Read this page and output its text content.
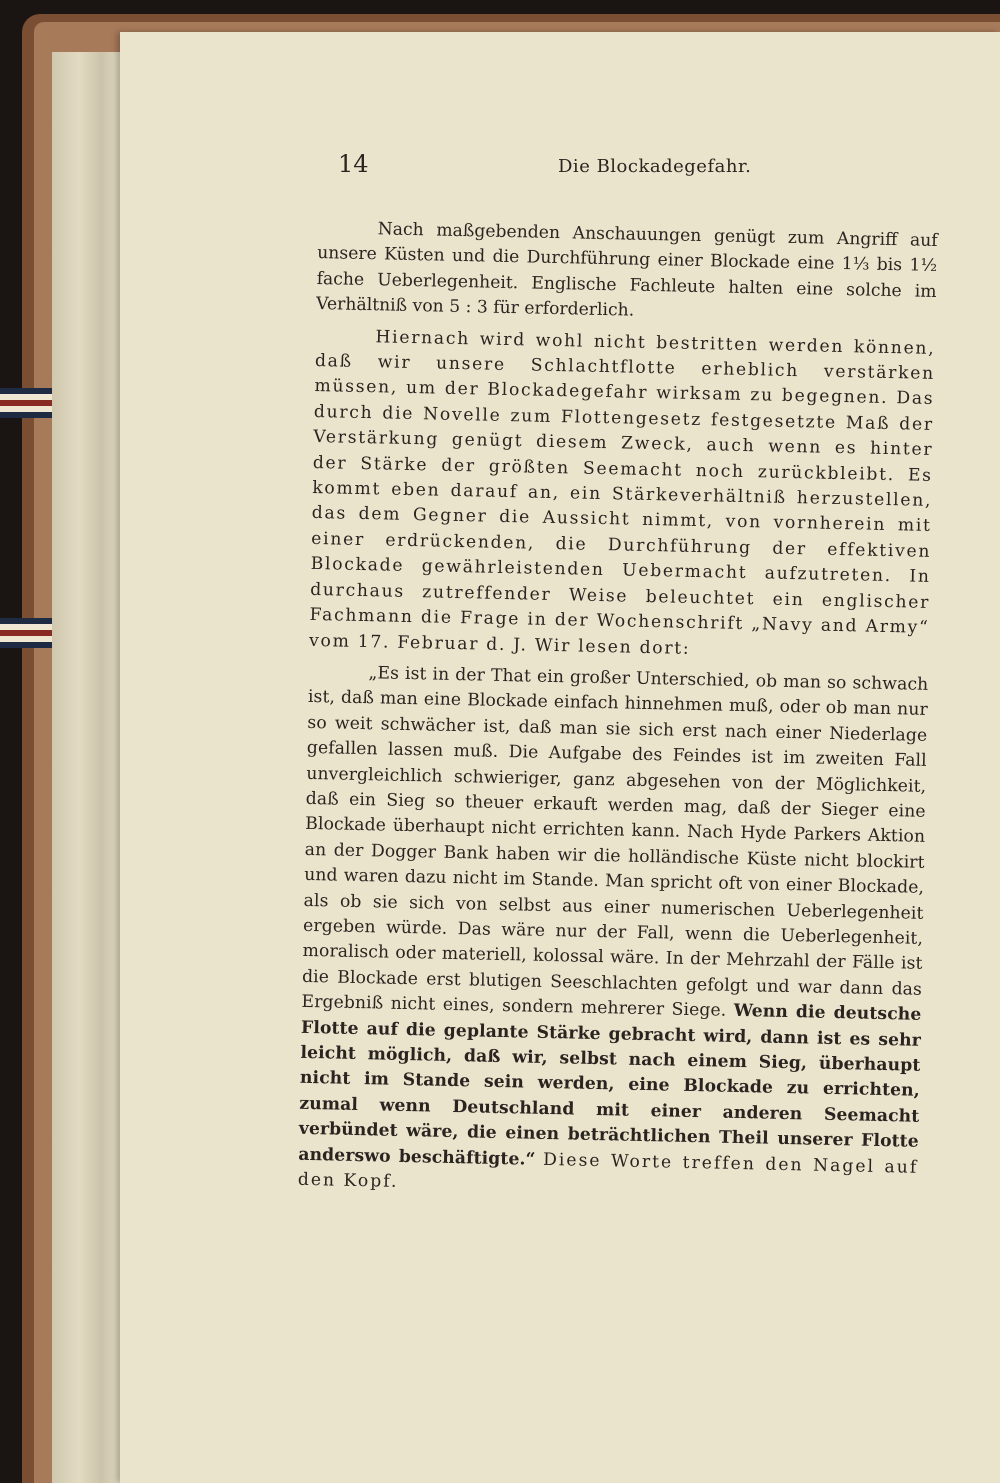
14	Die Blockadegefahr.

Nach maßgebenden Anschauungen genügt zum Angriff auf unsere Küsten und die Durchführung einer Blockade eine 1⅓ bis 1½ fache Ueberlegenheit. Englische Fachleute halten eine solche im Verhältniß von 5 : 3 für erforderlich.

Hiernach wird wohl nicht bestritten werden können, daß wir unsere Schlachtflotte erheblich verstärken müssen, um der Blockadegefahr wirksam zu begegnen. Das durch die Novelle zum Flottengesetz festgesetzte Maß der Verstärkung genügt diesem Zweck, auch wenn es hinter der Stärke der größten Seemacht noch zurückbleibt. Es kommt eben darauf an, ein Stärkeverhältniß herzustellen, das dem Gegner die Aussicht nimmt, von vornherein mit einer erdrückenden, die Durchführung der effektiven Blockade gewährleistenden Uebermacht aufzutreten. In durchaus zutreffender Weise beleuchtet ein englischer Fachmann die Frage in der Wochenschrift „Navy and Army“ vom 17. Februar d. J. Wir lesen dort:

„Es ist in der That ein großer Unterschied, ob man so schwach ist, daß man eine Blockade einfach hinnehmen muß, oder ob man nur so weit schwächer ist, daß man sie sich erst nach einer Niederlage gefallen lassen muß. Die Aufgabe des Feindes ist im zweiten Fall unvergleichlich schwieriger, ganz abgesehen von der Möglichkeit, daß ein Sieg so theuer erkauft werden mag, daß der Sieger eine Blockade überhaupt nicht errichten kann. Nach Hyde Parkers Aktion an der Dogger Bank haben wir die holländische Küste nicht blockirt und waren dazu nicht im Stande. Man spricht oft von einer Blockade, als ob sie sich von selbst aus einer numerischen Ueberlegenheit ergeben würde. Das wäre nur der Fall, wenn die Ueberlegenheit, moralisch oder materiell, kolossal wäre. In der Mehrzahl der Fälle ist die Blockade erst blutigen Seeschlachten gefolgt und war dann das Ergebniß nicht eines, sondern mehrerer Siege. Wenn die deutsche Flotte auf die geplante Stärke gebracht wird, dann ist es sehr leicht möglich, daß wir, selbst nach einem Sieg, überhaupt nicht im Stande sein werden, eine Blockade zu errichten, zumal wenn Deutschland mit einer anderen Seemacht verbündet wäre, die einen beträchtlichen Theil unserer Flotte anderswo beschäftigte.“ Diese Worte treffen den Nagel auf den Kopf.
